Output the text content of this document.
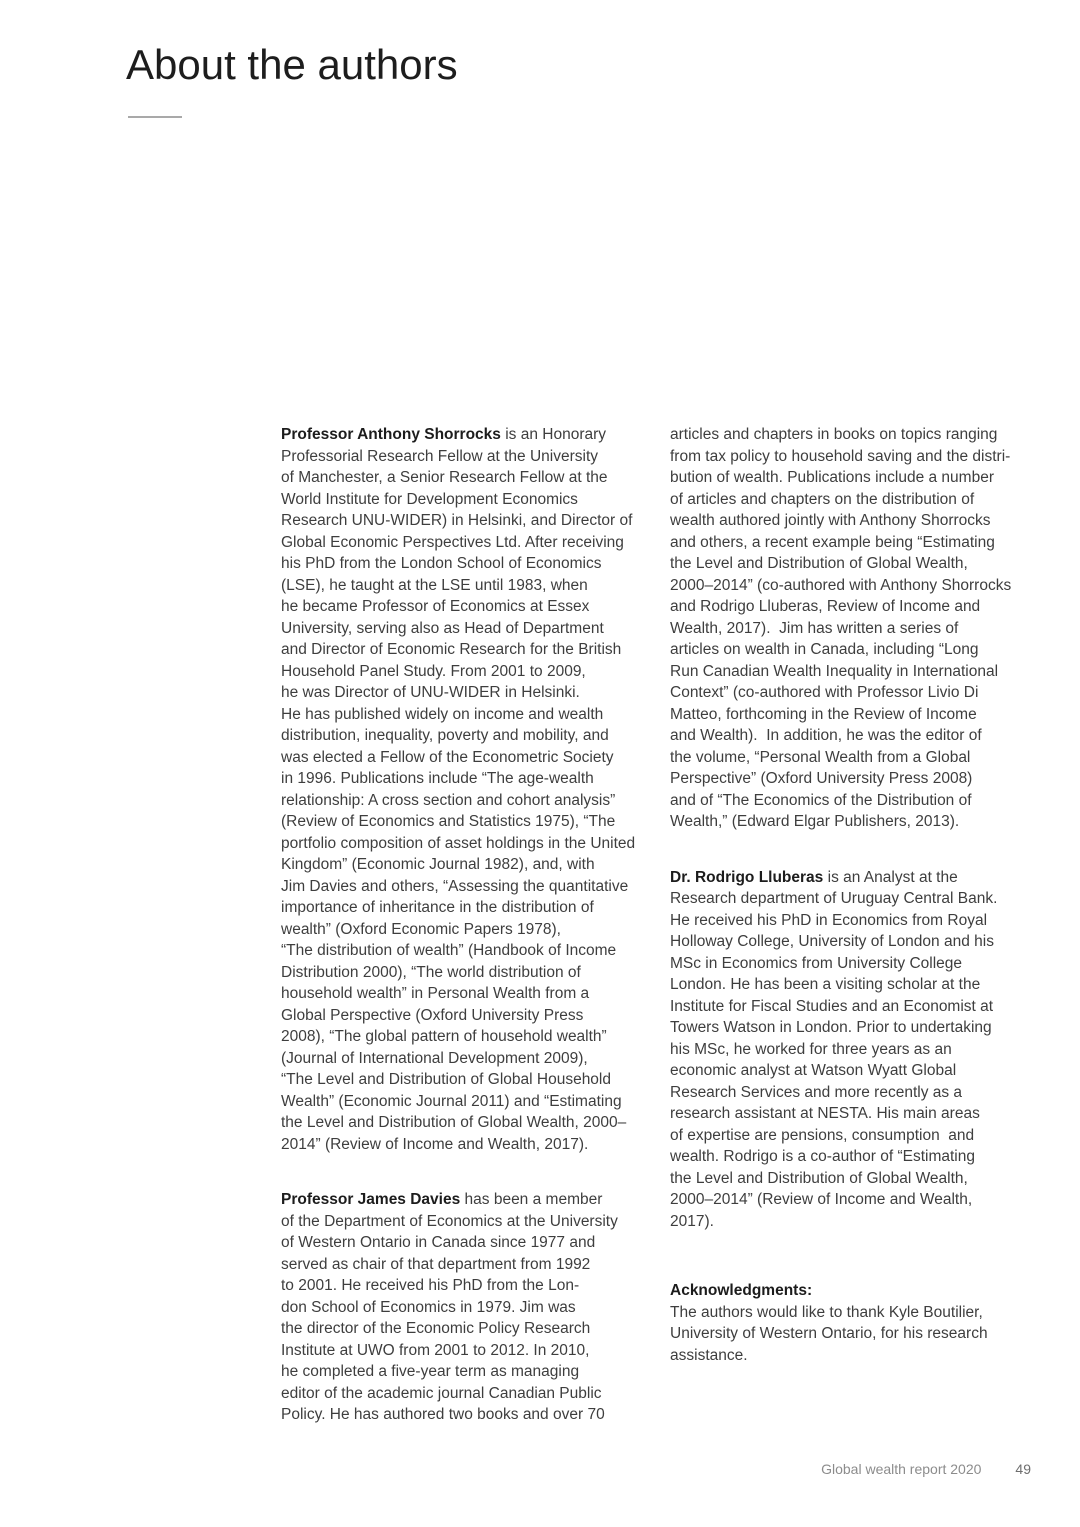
About the authors
Professor Anthony Shorrocks is an Honorary
Professorial Research Fellow at the University
of Manchester, a Senior Research Fellow at the
World Institute for Development Economics
Research UNU-WIDER) in Helsinki, and Director of
Global Economic Perspectives Ltd. After receiving
his PhD from the London School of Economics
(LSE), he taught at the LSE until 1983, when
he became Professor of Economics at Essex
University, serving also as Head of Department
and Director of Economic Research for the British
Household Panel Study. From 2001 to 2009,
he was Director of UNU-WIDER in Helsinki.
He has published widely on income and wealth
distribution, inequality, poverty and mobility, and
was elected a Fellow of the Econometric Society
in 1996. Publications include “The age-wealth
relationship: A cross section and cohort analysis”
(Review of Economics and Statistics 1975), “The
portfolio composition of asset holdings in the United
Kingdom” (Economic Journal 1982), and, with
Jim Davies and others, “Assessing the quantitative
importance of inheritance in the distribution of
wealth” (Oxford Economic Papers 1978),
“The distribution of wealth” (Handbook of Income
Distribution 2000), “The world distribution of
household wealth” in Personal Wealth from a
Global Perspective (Oxford University Press
2008), “The global pattern of household wealth”
(Journal of International Development 2009),
“The Level and Distribution of Global Household
Wealth” (Economic Journal 2011) and “Estimating
the Level and Distribution of Global Wealth, 2000–
2014” (Review of Income and Wealth, 2017).
Professor James Davies has been a member
of the Department of Economics at the University
of Western Ontario in Canada since 1977 and
served as chair of that department from 1992
to 2001. He received his PhD from the Lon-
don School of Economics in 1979. Jim was
the director of the Economic Policy Research
Institute at UWO from 2001 to 2012. In 2010,
he completed a five-year term as managing
editor of the academic journal Canadian Public
Policy. He has authored two books and over 70
articles and chapters in books on topics ranging
from tax policy to household saving and the distri-
bution of wealth. Publications include a number
of articles and chapters on the distribution of
wealth authored jointly with Anthony Shorrocks
and others, a recent example being “Estimating
the Level and Distribution of Global Wealth,
2000–2014” (co-authored with Anthony Shorrocks
and Rodrigo Lluberas, Review of Income and
Wealth, 2017).  Jim has written a series of
articles on wealth in Canada, including “Long
Run Canadian Wealth Inequality in International
Context” (co-authored with Professor Livio Di
Matteo, forthcoming in the Review of Income
and Wealth).  In addition, he was the editor of
the volume, “Personal Wealth from a Global
Perspective” (Oxford University Press 2008)
and of “The Economics of the Distribution of
Wealth,” (Edward Elgar Publishers, 2013).
Dr. Rodrigo Lluberas is an Analyst at the
Research department of Uruguay Central Bank.
He received his PhD in Economics from Royal
Holloway College, University of London and his
MSc in Economics from University College
London. He has been a visiting scholar at the
Institute for Fiscal Studies and an Economist at
Towers Watson in London. Prior to undertaking
his MSc, he worked for three years as an
economic analyst at Watson Wyatt Global
Research Services and more recently as a
research assistant at NESTA. His main areas
of expertise are pensions, consumption  and
wealth. Rodrigo is a co-author of “Estimating
the Level and Distribution of Global Wealth,
2000–2014” (Review of Income and Wealth,
2017).
Acknowledgments:
The authors would like to thank Kyle Boutilier,
University of Western Ontario, for his research
assistance.
Global wealth report 2020 49
